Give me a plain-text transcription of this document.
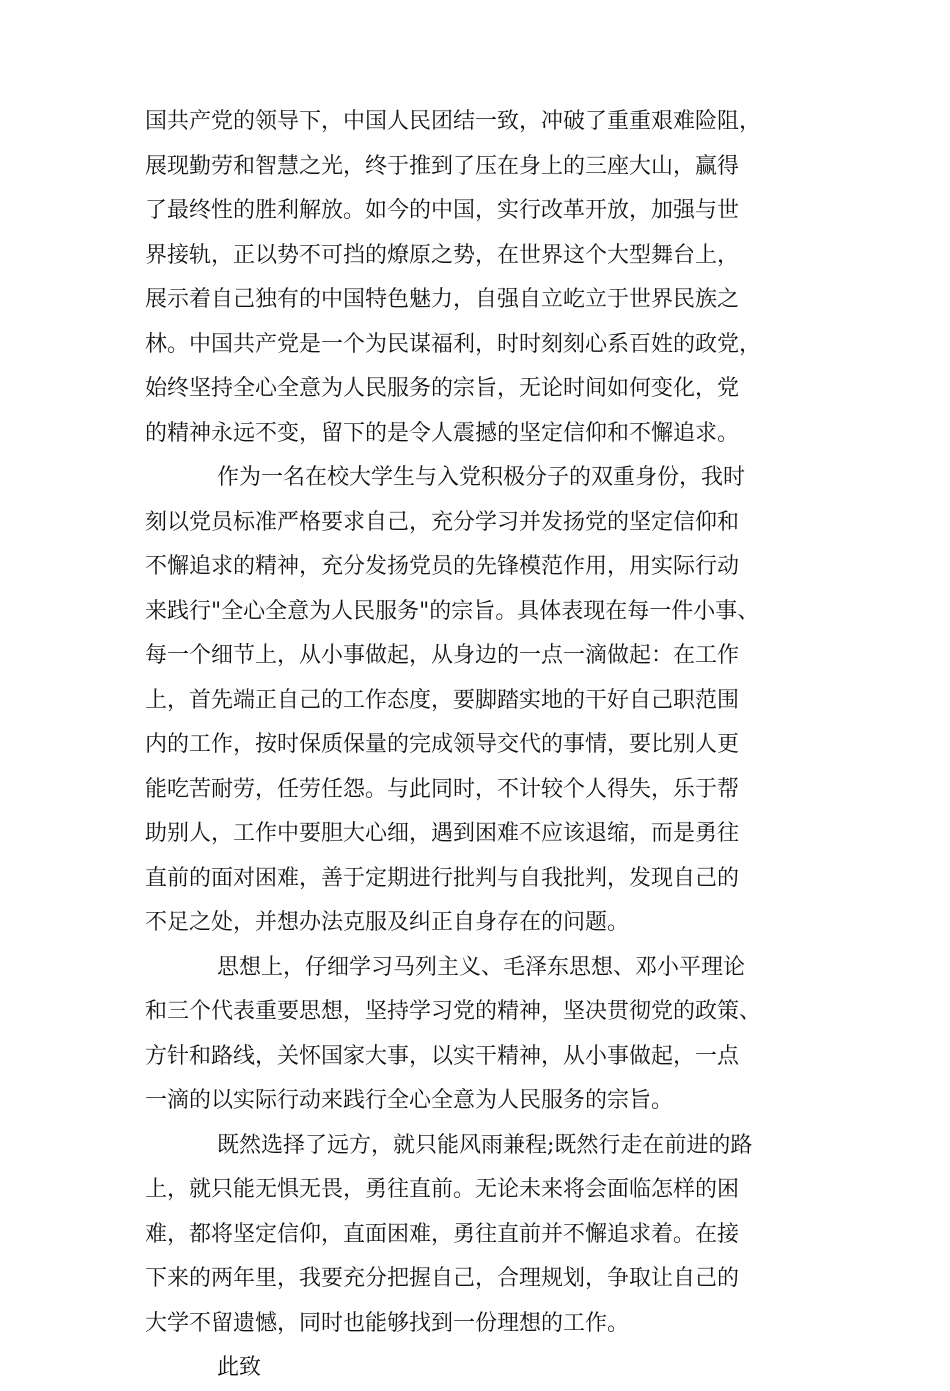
国共产党的领导下，中国人民团结一致，冲破了重重艰难险阻，
展现勤劳和智慧之光，终于推到了压在身上的三座大山，赢得
了最终性的胜利解放。如今的中国，实行改革开放，加强与世
界接轨，正以势不可挡的燎原之势，在世界这个大型舞台上，
展示着自己独有的中国特色魅力，自强自立屹立于世界民族之
林。中国共产党是一个为民谋福利，时时刻刻心系百姓的政党，
始终坚持全心全意为人民服务的宗旨，无论时间如何变化，党
的精神永远不变，留下的是令人震撼的坚定信仰和不懈追求。
作为一名在校大学生与入党积极分子的双重身份，我时
刻以党员标准严格要求自己，充分学习并发扬党的坚定信仰和
不懈追求的精神，充分发扬党员的先锋模范作用，用实际行动
来践行"全心全意为人民服务"的宗旨。具体表现在每一件小事、
每一个细节上，从小事做起，从身边的一点一滴做起：在工作
上，首先端正自己的工作态度，要脚踏实地的干好自己职范围
内的工作，按时保质保量的完成领导交代的事情，要比别人更
能吃苦耐劳，任劳任怨。与此同时，不计较个人得失，乐于帮
助别人，工作中要胆大心细，遇到困难不应该退缩，而是勇往
直前的面对困难，善于定期进行批判与自我批判，发现自己的
不足之处，并想办法克服及纠正自身存在的问题。
思想上，仔细学习马列主义、毛泽东思想、邓小平理论
和三个代表重要思想，坚持学习党的精神，坚决贯彻党的政策、
方针和路线，关怀国家大事，以实干精神，从小事做起，一点
一滴的以实际行动来践行全心全意为人民服务的宗旨。
既然选择了远方，就只能风雨兼程;既然行走在前进的路
上，就只能无惧无畏，勇往直前。无论未来将会面临怎样的困
难，都将坚定信仰，直面困难，勇往直前并不懈追求着。在接
下来的两年里，我要充分把握自己，合理规划，争取让自己的
大学不留遗憾，同时也能够找到一份理想的工作。
此致
